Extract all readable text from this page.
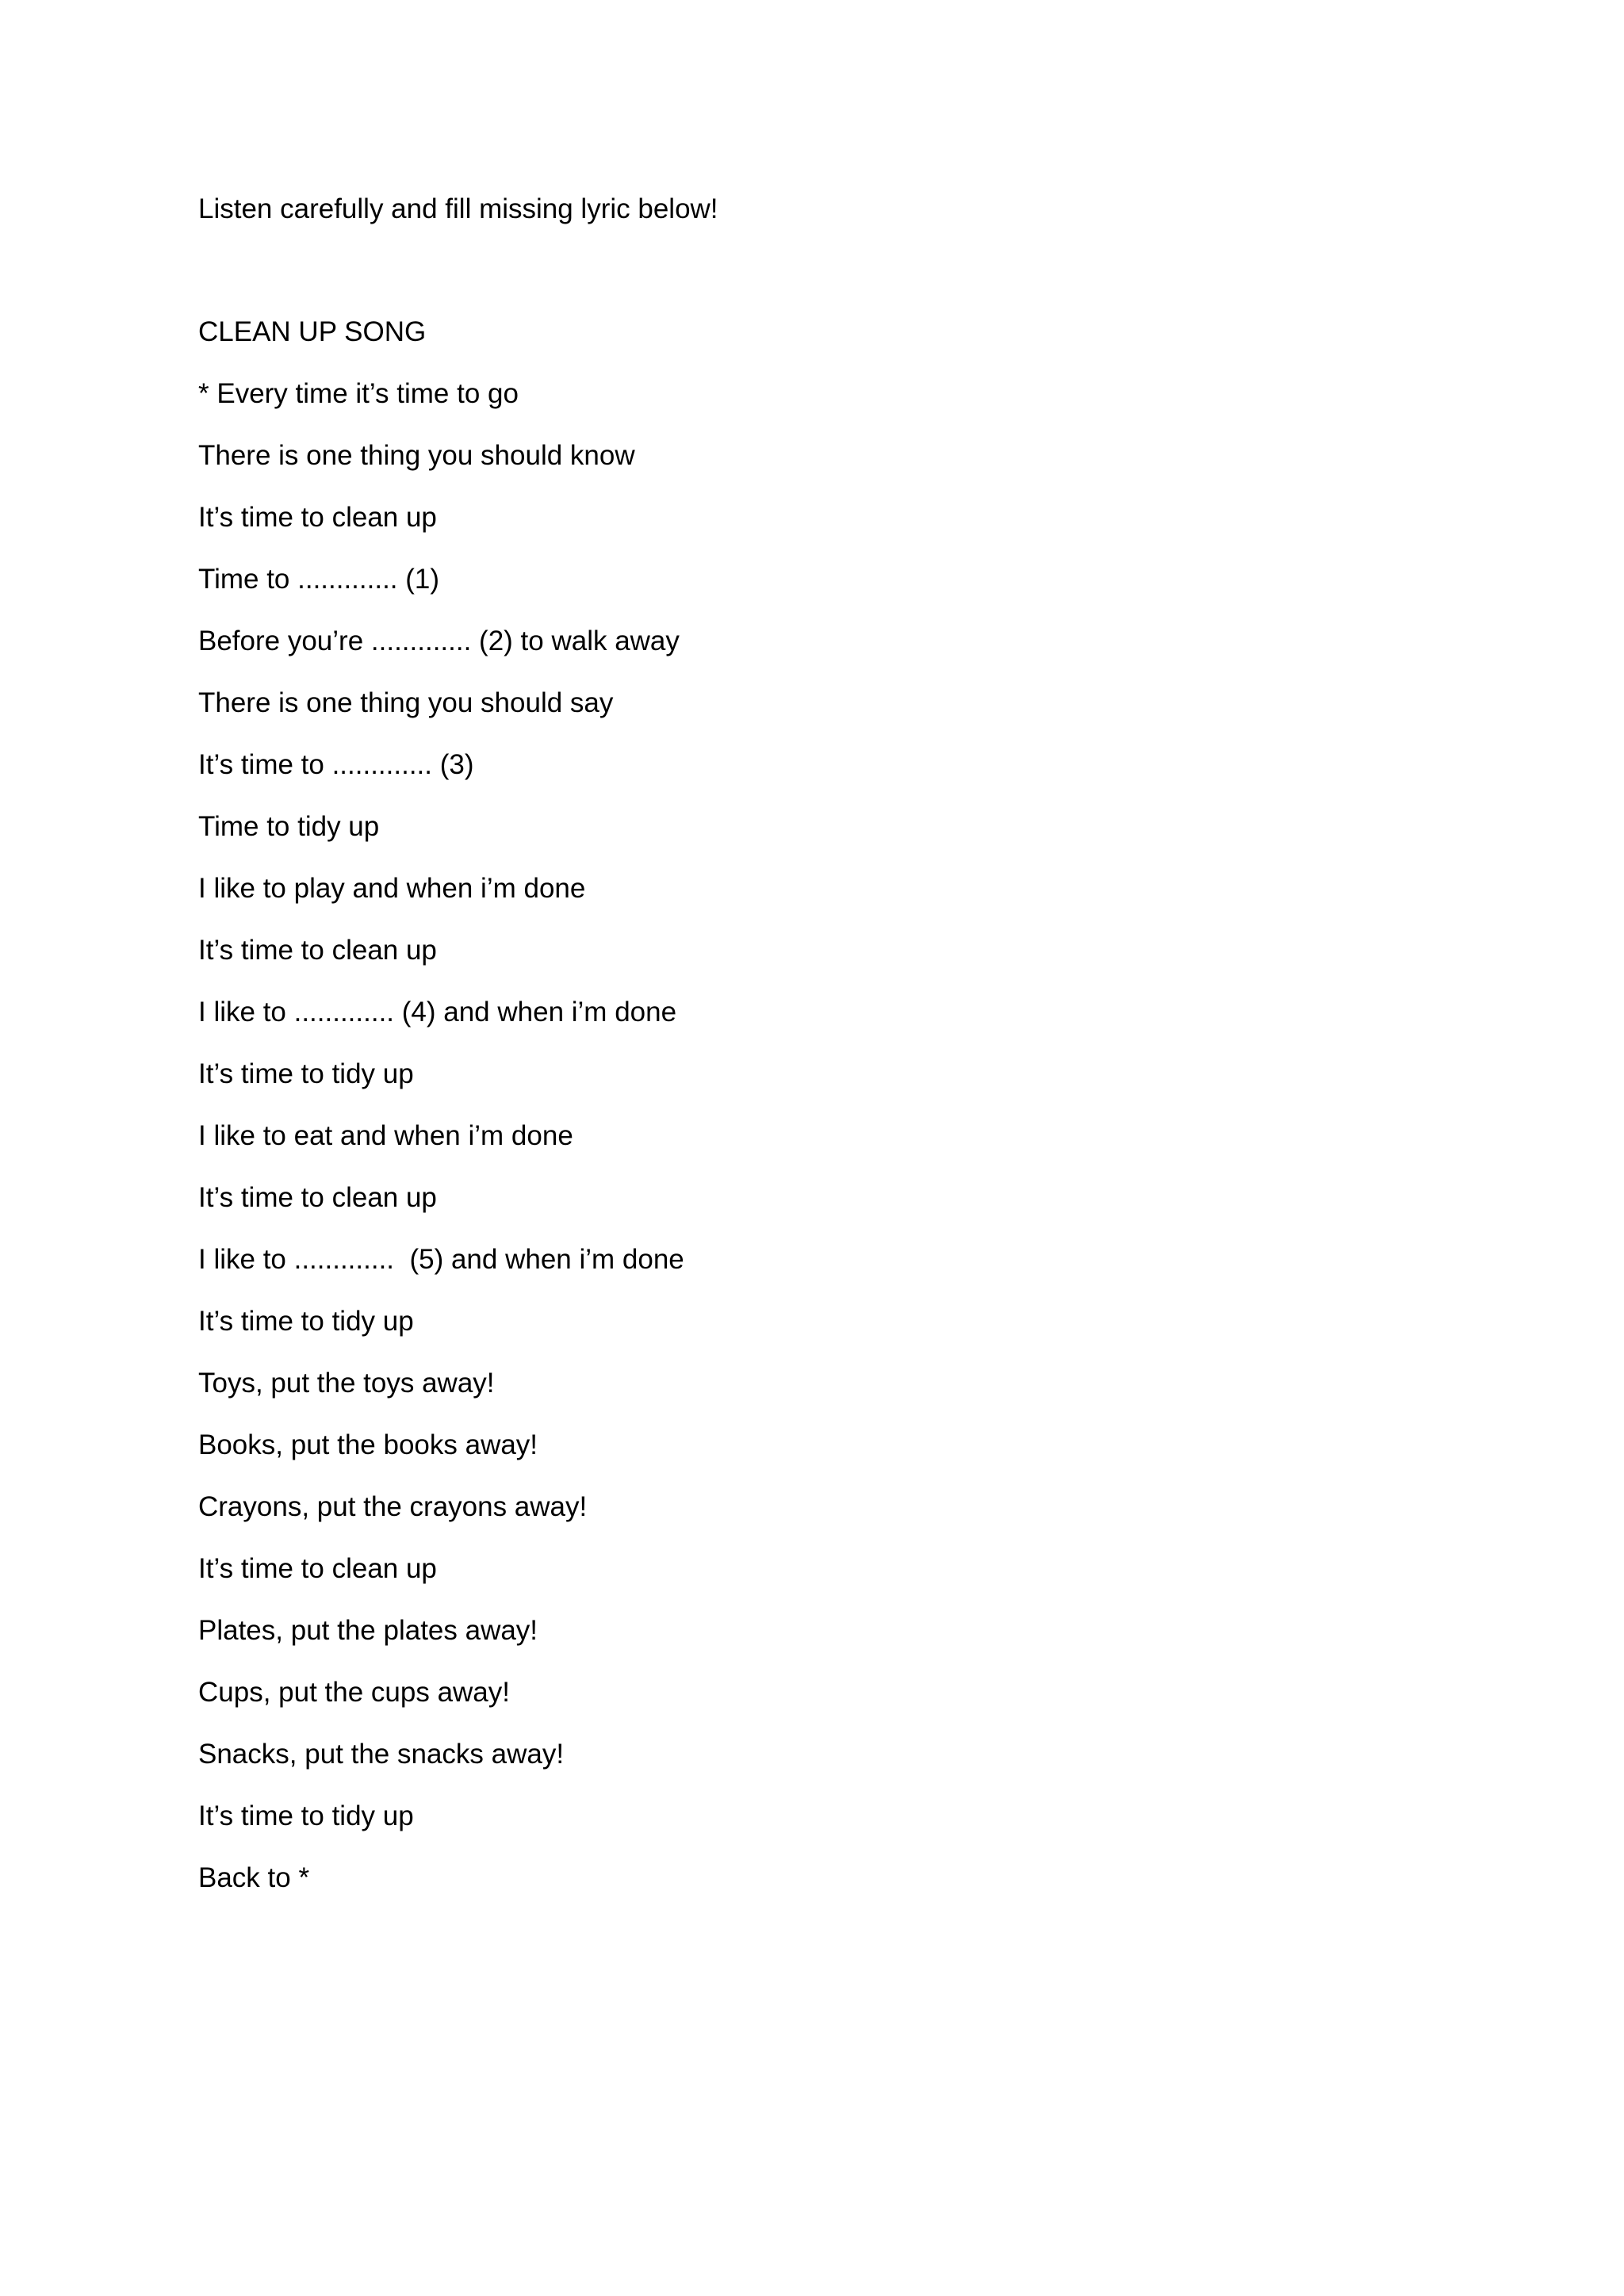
Listen carefully and fill missing lyric below!

CLEAN UP SONG
* Every time it’s time to go
There is one thing you should know
It’s time to clean up
Time to ............. (1)
Before you’re ............. (2) to walk away
There is one thing you should say
It’s time to ............. (3)
Time to tidy up
I like to play and when i’m done
It’s time to clean up
I like to ............. (4) and when i’m done
It’s time to tidy up
I like to eat and when i’m done
It’s time to clean up
I like to .............  (5) and when i’m done
It’s time to tidy up
Toys, put the toys away!
Books, put the books away!
Crayons, put the crayons away!
It’s time to clean up
Plates, put the plates away!
Cups, put the cups away!
Snacks, put the snacks away!
It’s time to tidy up
Back to *
